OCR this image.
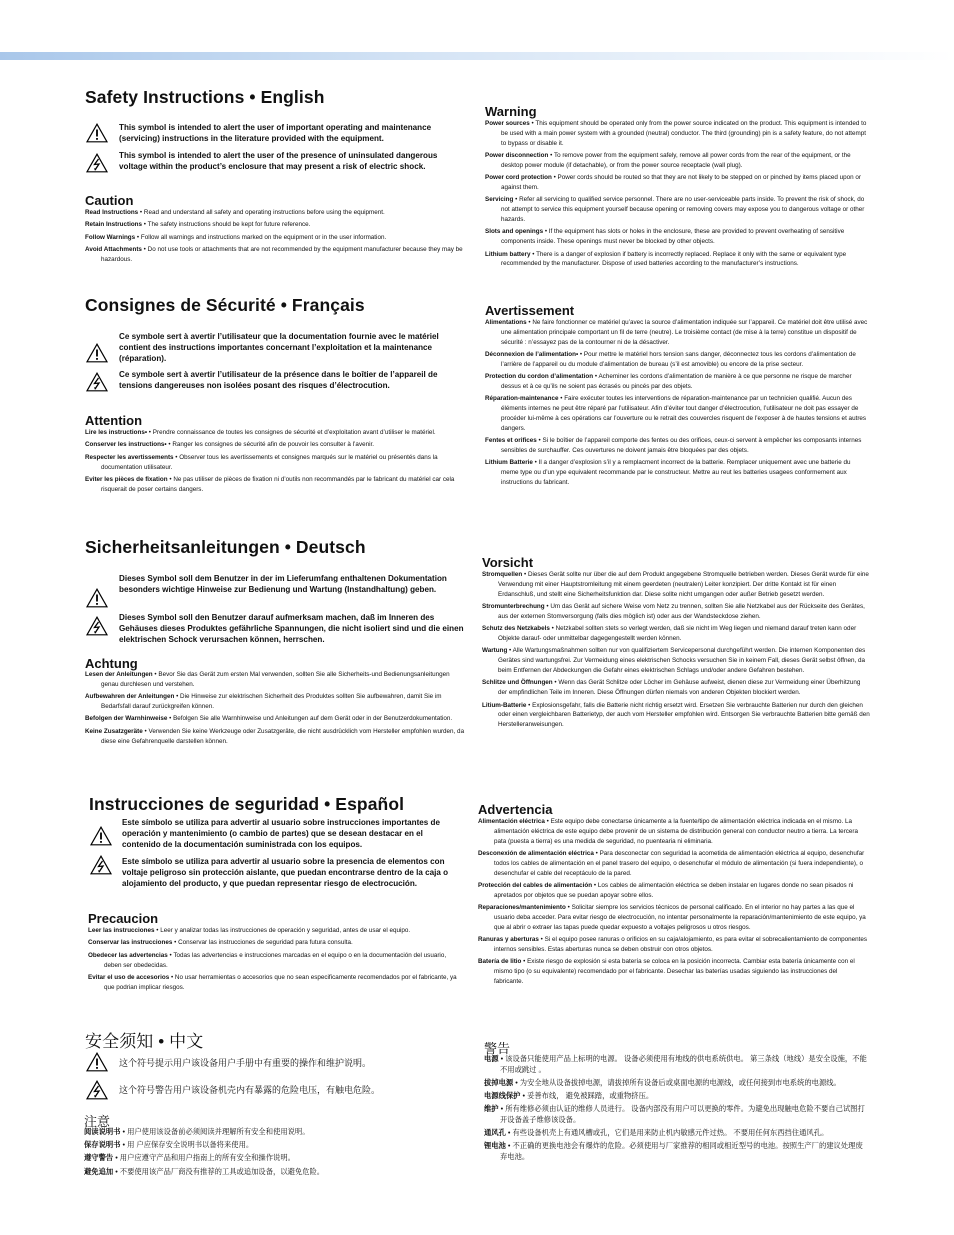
Safety Instructions • English
This symbol is intended to alert the user of important operating and maintenance (servicing) instructions in the literature provided with the equipment.
This symbol is intended to alert the user of the presence of uninsulated dangerous voltage within the product’s enclosure that may present a risk of electric shock.
Caution

Read Instructions • Read and understand all safety and operating instructions before using the equipment.

Retain Instructions • The safety instructions should be kept for future reference.

Follow Warnings • Follow all warnings and instructions marked on the equipment or in the user information.

Avoid Attachments • Do not use tools or attachments that are not recommended by the equipment manufacturer because they may be hazardous.

Warning

Power sources • This equipment should be operated only from the power source indicated on the product. This equipment is intended to be used with a main power system with a grounded (neutral) conductor. The third (grounding) pin is a safety feature, do not attempt to bypass or disable it.

Power disconnection • To remove power from the equipment safely, remove all power cords from the rear of the equipment, or the desktop power module (if detachable), or from the power source receptacle (wall plug).

Power cord protection • Power cords should be routed so that they are not likely to be stepped on or pinched by items placed upon or against them.

Servicing • Refer all servicing to qualified service personnel. There are no user-serviceable parts inside. To prevent the risk of shock, do not attempt to service this equipment yourself because opening or removing covers may expose you to dangerous voltage or other hazards.

Slots and openings • If the equipment has slots or holes in the enclosure, these are provided to prevent overheating of sensitive components inside. These openings must never be blocked by other objects.

Lithium battery • There is a danger of explosion if battery is incorrectly replaced. Replace it only with the same or equivalent type recommended by the manufacturer. Dispose of used batteries according to the manufacturer’s instructions.

Consignes de Sécurité • Français
Ce symbole sert à avertir l’utilisateur que la documentation fournie avec le matériel contient des instructions importantes concernant l’exploitation et la maintenance (réparation).
Ce symbole sert à avertir l’utilisateur de la présence dans le boîtier de l’appareil de tensions dangereuses non isolées posant des risques d’électrocution.
Attention

Lire les instructions• • Prendre connaissance de toutes les consignes de sécurité et d’exploitation avant d’utiliser le matériel.

Conserver les instructions• • Ranger les consignes de sécurité afin de pouvoir les consulter à l’avenir.

Respecter les avertissements • Observer tous les avertissements et consignes marqués sur le matériel ou présentés dans la documentation utilisateur.

Eviter les pièces de fixation • Ne pas utiliser de pièces de fixation ni d’outils non recommandés par le fabricant du matériel car cela risquerait de poser certains dangers.

Avertissement

Alimentations • Ne faire fonctionner ce matériel qu’avec la source d’alimentation indiquée sur l’appareil. Ce matériel doit être utilisé avec une alimentation principale comportant un fil de terre (neutre). Le troisième contact (de mise à la terre) constitue un dispositif de sécurité : n’essayez pas de la contourner ni de la désactiver.

Déconnexion de l’alimentation• • Pour mettre le matériel hors tension sans danger, déconnectez tous les cordons d’alimentation de l’arrière de l’appareil ou du module d’alimentation de bureau (s’il est amovible) ou encore de la prise secteur.

Protection du cordon d’alimentation • Acheminer les cordons d’alimentation de manière à ce que personne ne risque de marcher dessus et à ce qu’ils ne soient pas écrasés ou pincés par des objets.

Réparation-maintenance • Faire exécuter toutes les interventions de réparation-maintenance par un technicien qualifié. Aucun des éléments internes ne peut être réparé par l’utilisateur. Afin d’éviter tout danger d’électrocution, l’utilisateur ne doit pas essayer de procéder lui-même à ces opérations car l’ouverture ou le retrait des couvercles risquent de l’exposer à de hautes tensions et autres dangers.

Fentes et orifices • Si le boîtier de l’appareil comporte des fentes ou des orifices, ceux-ci servent à empêcher les composants internes sensibles de surchauffer. Ces ouvertures ne doivent jamais être bloquées par des objets.

Lithium Batterie • Il a danger d’explosion s’il y a remplacment incorrect de la batterie. Remplacer uniquement avec une batterie du meme type ou d’un ype equivalent recommande par le constructeur. Mettre au reut les batteries usagees conformement aux instructions du fabricant.

Sicherheitsanleitungen • Deutsch
Dieses Symbol soll dem Benutzer in der im Lieferumfang enthaltenen Dokumentation besonders wichtige Hinweise zur Bedienung und Wartung (Instandhaltung) geben.
Dieses Symbol soll den Benutzer darauf aufmerksam machen, daß im Inneren des Gehäuses dieses Produktes gefährliche Spannungen, die nicht isoliert sind und die einen elektrischen Schock verursachen können, herrschen.
Achtung

Lesen der Anleitungen • Bevor Sie das Gerät zum ersten Mal verwenden, sollten Sie alle Sicherheits-und Bedienungsanleitungen genau durchlesen und verstehen.

Aufbewahren der Anleitungen • Die Hinweise zur elektrischen Sicherheit des Produktes sollten Sie aufbewahren, damit Sie im Bedarfsfall darauf zurückgreifen können.

Befolgen der Warnhinweise • Befolgen Sie alle Warnhinweise und Anleitungen auf dem Gerät oder in der Benutzerdokumentation.

Keine Zusatzgeräte • Verwenden Sie keine Werkzeuge oder Zusatzgeräte, die nicht ausdrücklich vom Hersteller empfohlen wurden, da diese eine Gefahrenquelle darstellen können.

Vorsicht

Stromquellen • Dieses Gerät sollte nur über die auf dem Produkt angegebene Stromquelle betrieben werden. Dieses Gerät wurde für eine Verwendung mit einer Hauptstromleitung mit einem geerdeten (neutralen) Leiter konzipiert. Der dritte Kontakt ist für einen Erdanschluß, und stellt eine Sicherheitsfunktion dar. Diese sollte nicht umgangen oder außer Betrieb gesetzt werden.

Stromunterbrechung • Um das Gerät auf sichere Weise vom Netz zu trennen, sollten Sie alle Netzkabel aus der Rückseite des Gerätes, aus der externen Stomversorgung (falls dies möglich ist) oder aus der Wandsteckdose ziehen.

Schutz des Netzkabels • Netzkabel sollten stets so verlegt werden, daß sie nicht im Weg liegen und niemand darauf treten kann oder Objekte darauf- oder unmittelbar dagegengestellt werden können.

Wartung • Alle Wartungsmaßnahmen sollten nur von qualifiziertem Servicepersonal durchgeführt werden. Die internen Komponenten des Gerätes sind wartungsfrei. Zur Vermeidung eines elektrischen Schocks versuchen Sie in keinem Fall, dieses Gerät selbst öffnen, da beim Entfernen der Abdeckungen die Gefahr eines elektrischen Schlags und/oder andere Gefahren bestehen.

Schlitze und Öffnungen • Wenn das Gerät Schlitze oder Löcher im Gehäuse aufweist, dienen diese zur Vermeidung einer Überhitzung der empfindlichen Teile im Inneren. Diese Öffnungen dürfen niemals von anderen Objekten blockiert werden.

Litium-Batterie • Explosionsgefahr, falls die Batterie nicht richtig ersetzt wird. Ersetzen Sie verbrauchte Batterien nur durch den gleichen oder einen vergleichbaren Batterietyp, der auch vom Hersteller empfohlen wird. Entsorgen Sie verbrauchte Batterien bitte gemäß den Herstelleranweisungen.

Instrucciones de seguridad • Español
Este símbolo se utiliza para advertir al usuario sobre instrucciones importantes de operación y mantenimiento (o cambio de partes) que se desean destacar en el contenido de la documentación suministrada con los equipos.
Este símbolo se utiliza para advertir al usuario sobre la presencia de elementos con voltaje peligroso sin protección aislante, que puedan encontrarse dentro de la caja o alojamiento del producto, y que puedan representar riesgo de electrocución.
Precaucion

Leer las instrucciones • Leer y analizar todas las instrucciones de operación y seguridad, antes de usar el equipo.

Conservar las instrucciones • Conservar las instrucciones de seguridad para futura consulta.

Obedecer las advertencias • Todas las advertencias e instrucciones marcadas en el equipo o en la documentación del usuario, deben ser obedecidas.

Evitar el uso de accesorios • No usar herramientas o accesorios que no sean especificamente recomendados por el fabricante, ya que podrian implicar riesgos.

Advertencia

Alimentación eléctrica • Este equipo debe conectarse únicamente a la fuente/tipo de alimentación eléctrica indicada en el mismo. La alimentación eléctrica de este equipo debe provenir de un sistema de distribución general con conductor neutro a tierra. La tercera pata (puesta a tierra) es una medida de seguridad, no puentearia ni eliminaria.

Desconexión de alimentación eléctrica • Para desconectar con seguridad la acometida de alimentación eléctrica al equipo, desenchufar todos los cables de alimentación en el panel trasero del equipo, o desenchufar el módulo de alimentación (si fuera independiente), o desenchufar el cable del receptáculo de la pared.

Protección del cables de alimentación • Los cables de alimentación eléctrica se deben instalar en lugares donde no sean pisados ni apretados por objetos que se puedan apoyar sobre ellos.

Reparaciones/mantenimiento • Solicitar siempre los servicios técnicos de personal calificado. En el interior no hay partes a las que el usuario deba acceder. Para evitar riesgo de electrocución, no intentar personalmente la reparación/mantenimiento de este equipo, ya que al abrir o extraer las tapas puede quedar expuesto a voltajes peligrosos u otros riesgos.

Ranuras y aberturas • Si el equipo posee ranuras o orificios en su caja/alojamiento, es para evitar el sobrecalientamiento de componentes internos sensibles. Estas aberturas nunca se deben obstruir con otros objetos.

Batería de litio • Existe riesgo de explosión si esta batería se coloca en la posición incorrecta. Cambiar esta batería únicamente con el mismo tipo (o su equivalente) recomendado por el fabricante. Desechar las baterías usadas siguiendo las instrucciones del fabricante.

安全须知 • 中文
这个符号提示用户该设备用户手册中有重要的操作和维护说明。
这个符号警告用户该设备机壳内有暴露的危险电压，有触电危险。
注意

阅读说明书 • 用户使用该设备前必须阅读并理解所有安全和使用说明。

保存说明书 • 用 户应保存安全说明书以备将来使用。

遵守警告 • 用户应遵守产品和用户指南上的所有安全和操作说明。

避免追加 • 不要使用该产品厂商没有推荐的工具或追加设备，以避免危险。

警告

电源 • 该设备只能使用产品上标明的电源。 设备必须使用有地线的供电系统供电。 第三条线（地线）是安全设施，不能不用或跳过 。

拔掉电源 • 为安全地从设备拔掉电源，请拔掉所有设备后或桌面电源的电源线，或任何接到市电系统的电源线。

电源线保护 • 妥善布线， 避免被踩踏，或重物挤压。

维护 • 所有维修必须由认证的维修人员进行。 设备内部没有用户可以更换的零件。为避免出现触电危险不要自己试图打开设备盖子维修该设备。

通风孔 • 有些设备机壳上有通风槽或孔，它们是用来防止机内敏感元件过热。 不要用任何东西挡住通风孔。

锂电池 • 不正确的更换电池会有爆炸的危险。必须使用与厂家推荐的相同或相近型号的电池。按照生产厂的建议处理废弃电池。
